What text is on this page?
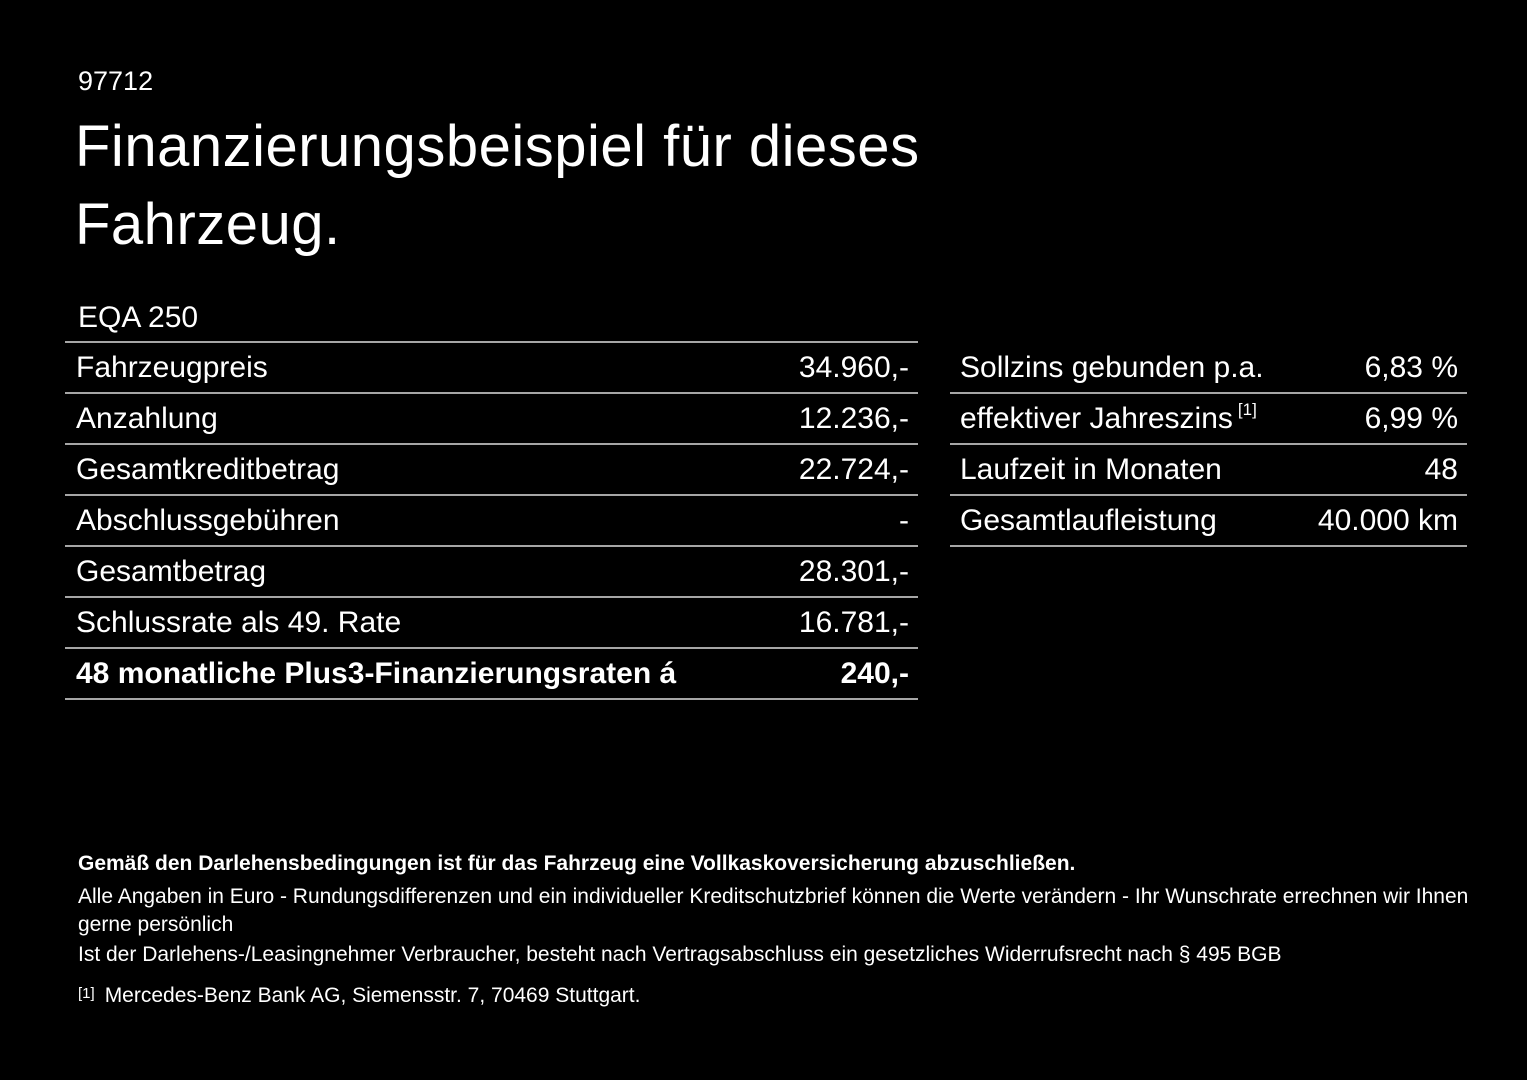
97712
Finanzierungsbeispiel für dieses
Fahrzeug.
EQA 250
Fahrzeugpreis	34.960,-
Anzahlung	12.236,-
Gesamtkreditbetrag	22.724,-
Abschlussgebühren	-
Gesamtbetrag	28.301,-
Schlussrate als 49. Rate	16.781,-
48 monatliche Plus3-Finanzierungsraten á	240,-
Sollzins gebunden p.a.	6,83 %
effektiver Jahreszins [1]	6,99 %
Laufzeit in Monaten	48
Gesamtlaufleistung	40.000 km

Gemäß den Darlehensbedingungen ist für das Fahrzeug eine Vollkaskoversicherung abzuschließen.

Alle Angaben in Euro - Rundungsdifferenzen und ein individueller Kreditschutzbrief können die Werte verändern - Ihr Wunschrate errechnen wir Ihnen gerne persönlich

Ist der Darlehens-/Leasingnehmer Verbraucher, besteht nach Vertragsabschluss ein gesetzliches Widerrufsrecht nach § 495 BGB

[1] Mercedes-Benz Bank AG, Siemensstr. 7, 70469 Stuttgart.
